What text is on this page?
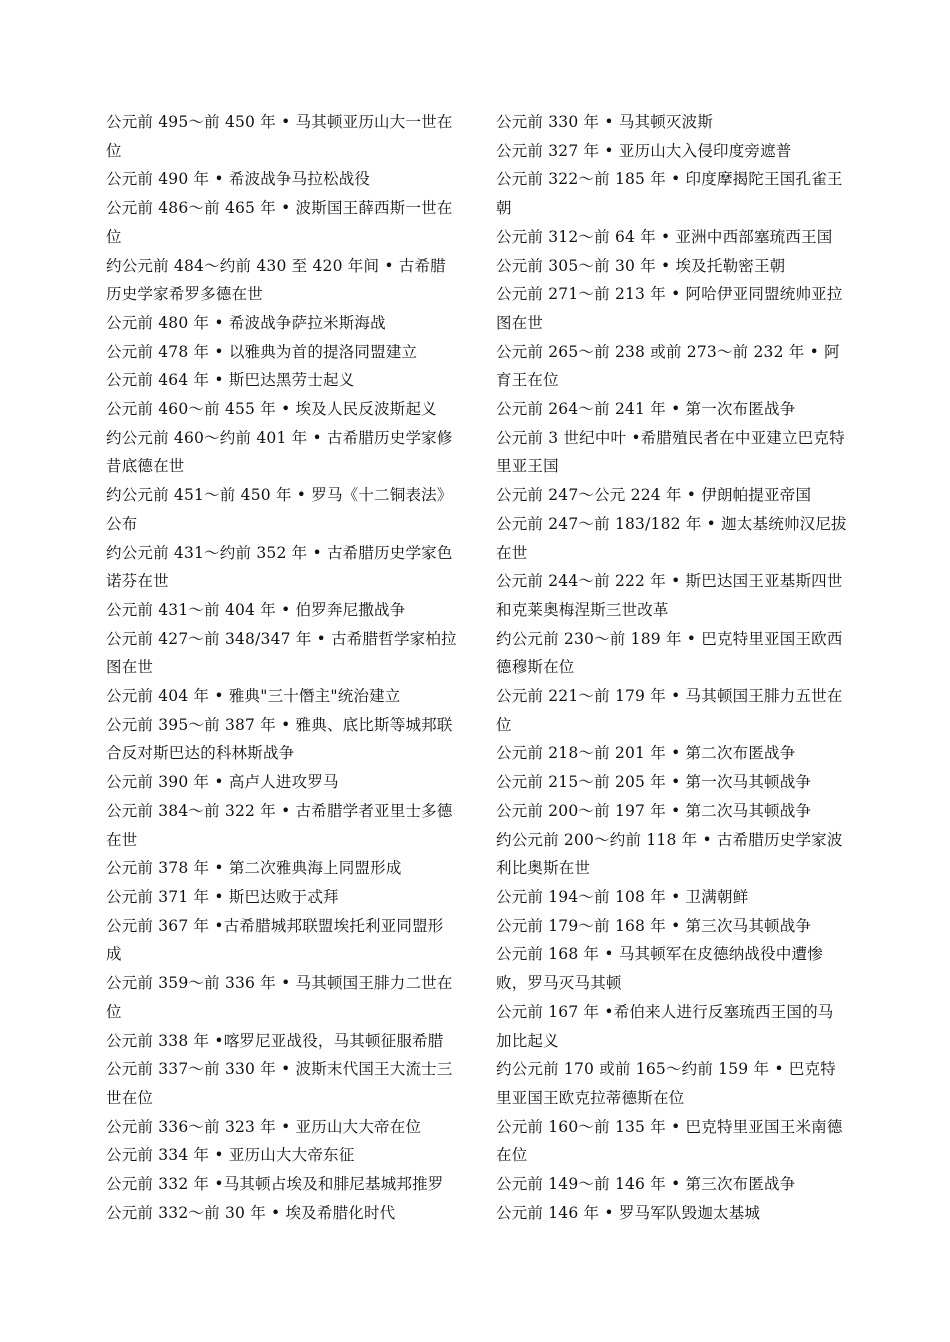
公元前 495～前 450 年 • 马其顿亚历山大一世在位

公元前 490 年 • 希波战争马拉松战役

公元前 486～前 465 年 • 波斯国王薛西斯一世在位

约公元前 484～约前 430 至 420 年间 • 古希腊历史学家希罗多德在世

公元前 480 年 • 希波战争萨拉米斯海战

公元前 478 年 • 以雅典为首的提洛同盟建立

公元前 464 年 • 斯巴达黑劳士起义

公元前 460～前 455 年 • 埃及人民反波斯起义

约公元前 460～约前 401 年 • 古希腊历史学家修昔底德在世

约公元前 451～前 450 年 • 罗马《十二铜表法》公布

约公元前 431～约前 352 年 • 古希腊历史学家色诺芬在世

公元前 431～前 404 年 • 伯罗奔尼撒战争

公元前 427～前 348/347 年 • 古希腊哲学家柏拉图在世

公元前 404 年 • 雅典"三十僭主"统治建立

公元前 395～前 387 年 • 雅典、底比斯等城邦联合反对斯巴达的科林斯战争

公元前 390 年 • 高卢人进攻罗马

公元前 384～前 322 年 • 古希腊学者亚里士多德在世

公元前 378 年 • 第二次雅典海上同盟形成

公元前 371 年 • 斯巴达败于忒拜

公元前 367 年 •古希腊城邦联盟埃托利亚同盟形成

公元前 359～前 336 年 • 马其顿国王腓力二世在位

公元前 338 年 •喀罗尼亚战役，马其顿征服希腊

公元前 337～前 330 年 • 波斯末代国王大流士三世在位

公元前 336～前 323 年 • 亚历山大大帝在位

公元前 334 年 • 亚历山大大帝东征

公元前 332 年 •马其顿占埃及和腓尼基城邦推罗

公元前 332～前 30 年 • 埃及希腊化时代

公元前 330 年 • 马其顿灭波斯

公元前 327 年 • 亚历山大入侵印度旁遮普

公元前 322～前 185 年 • 印度摩揭陀王国孔雀王朝

公元前 312～前 64 年 • 亚洲中西部塞琉西王国

公元前 305～前 30 年 • 埃及托勒密王朝

公元前 271～前 213 年 • 阿哈伊亚同盟统帅亚拉图在世

公元前 265～前 238 或前 273～前 232 年 • 阿育王在位

公元前 264～前 241 年 • 第一次布匿战争

公元前 3 世纪中叶 •希腊殖民者在中亚建立巴克特里亚王国

公元前 247～公元 224 年 • 伊朗帕提亚帝国

公元前 247～前 183/182 年 • 迦太基统帅汉尼拔在世

公元前 244～前 222 年 • 斯巴达国王亚基斯四世和克莱奥梅涅斯三世改革

约公元前 230～前 189 年 • 巴克特里亚国王欧西德穆斯在位

公元前 221～前 179 年 • 马其顿国王腓力五世在位

公元前 218～前 201 年 • 第二次布匿战争

公元前 215～前 205 年 • 第一次马其顿战争

公元前 200～前 197 年 • 第二次马其顿战争

约公元前 200～约前 118 年 • 古希腊历史学家波利比奥斯在世

公元前 194～前 108 年 • 卫满朝鲜

公元前 179～前 168 年 • 第三次马其顿战争

公元前 168 年 • 马其顿军在皮德纳战役中遭惨败，罗马灭马其顿

公元前 167 年 •希伯来人进行反塞琉西王国的马加比起义

约公元前 170 或前 165～约前 159 年 • 巴克特里亚国王欧克拉蒂德斯在位

公元前 160～前 135 年 • 巴克特里亚国王米南德在位

公元前 149～前 146 年 • 第三次布匿战争

公元前 146 年 • 罗马军队毁迦太基城
